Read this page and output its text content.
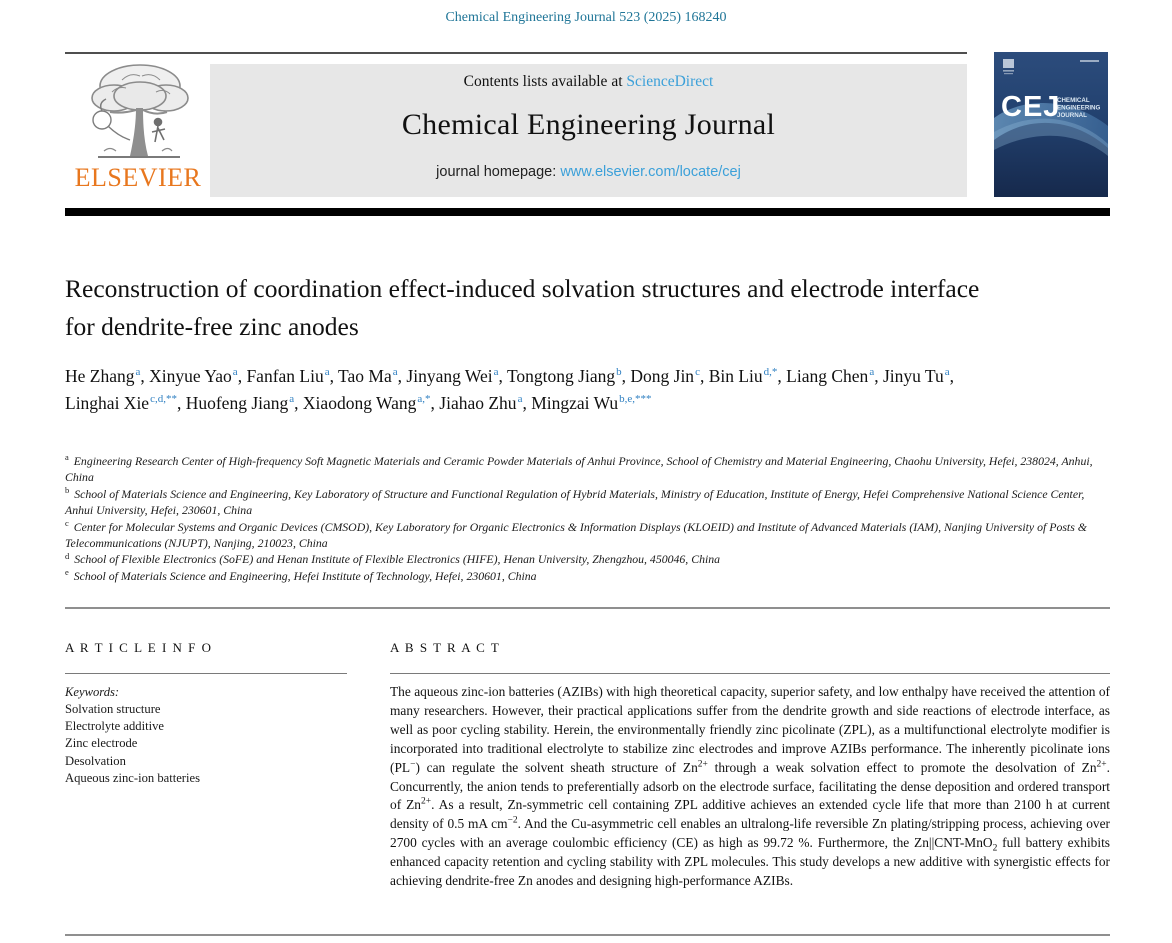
Chemical Engineering Journal 523 (2025) 168240
ELSEVIER
Contents lists available at ScienceDirect
Chemical Engineering Journal
journal homepage: www.elsevier.com/locate/cej
CEJ
CHEMICAL
ENGINEERING
JOURNAL
Reconstruction of coordination effect-induced solvation structures and electrode interface for dendrite-free zinc anodes
He Zhang$^a$, Xinyue Yao$^a$, Fanfan Liu$^a$, Tao Ma$^a$, Jinyang Wei$^a$, Tongtong Jiang$^b$, Dong Jin$^c$, Bin Liu$^{d,*}$, Liang Chen$^a$, Jinyu Tu$^a$, Linghai Xie$^{c,d,**}$, Huofeng Jiang$^a$, Xiaodong Wang$^{a,*}$, Jiahao Zhu$^a$, Mingzai $Wu^{b,e,***}$
$^a$ Engineering Research Center of High-frequency Soft Magnetic Materials and Ceramic Powder Materials of Anhui Province, School of Chemistry and Material Engineering, Chaohu University, Hefei, 238024, Anhui, China
$^b$ School of Materials Science and Engineering, Key Laboratory of Structure and Functional Regulation of Hybrid Materials, Ministry of Education, Institute of Energy, Hefei Comprehensive National Science Center, Anhui University, Hefei, 230601, China
$^c$ Center for Molecular Systems and Organic Devices (CMSOD), Key Laboratory for Organic Electronics & Information Displays (KLOEID) and Institute of Advanced Materials (IAM), Nanjing University of Posts & Telecommunications (NJUPT), Nanjing, 210023, China
$^d$ School of Flexible Electronics (SoFE) and Henan Institute of Flexible Electronics (HIFE), Henan University, Zhengzhou, 450046, China
$^e$ School of Materials Science and Engineering, Hefei Institute of Technology, Hefei, 230601, China
A R T I C L E I N F O
Keywords:
Solvation structure
Electrolyte additive
Zinc electrode
Desolvation
Aqueous zinc-ion batteries
A B S T R A C T

The aqueous zinc-ion batteries (AZIBs) with high theoretical capacity, superior safety, and low enthalpy have received the attention of many researchers. However, their practical applications suffer from the dendrite growth and side reactions of electrode interface, as well as poor cycling stability. Herein, the environmentally friendly zinc picolinate (ZPL), as a multifunctional electrolyte modifier is incorporated into traditional electrolyte to stabilize zinc electrodes and improve AZIBs performance. The inherently picolinate ions (PL−) can regulate the solvent sheath structure of $Zn^{2+}$ through a weak solvation effect to promote the desolvation of $Zn^{2+}$. Concurrently, the anion tends to preferentially adsorb on the electrode surface, facilitating the dense deposition and ordered transport of $Zn^{2+}$. As a result, Zn-symmetric cell containing ZPL additive achieves an extended cycle life that more than 2100 h at current density of 0.5 mA $cm^{-2}$. And the Cu-asymmetric cell enables an ultralong-life reversible Zn plating/stripping process, achieving over 2700 cycles with an average coulombic efficiency (CE) as high as 99.72 %. Furthermore, the Zn||CNT-MnO$_2$ full battery exhibits enhanced capacity retention and cycling stability with ZPL molecules. This study develops a new additive with synergistic effects for achieving dendrite-free Zn anodes and designing high-performance AZIBs.
